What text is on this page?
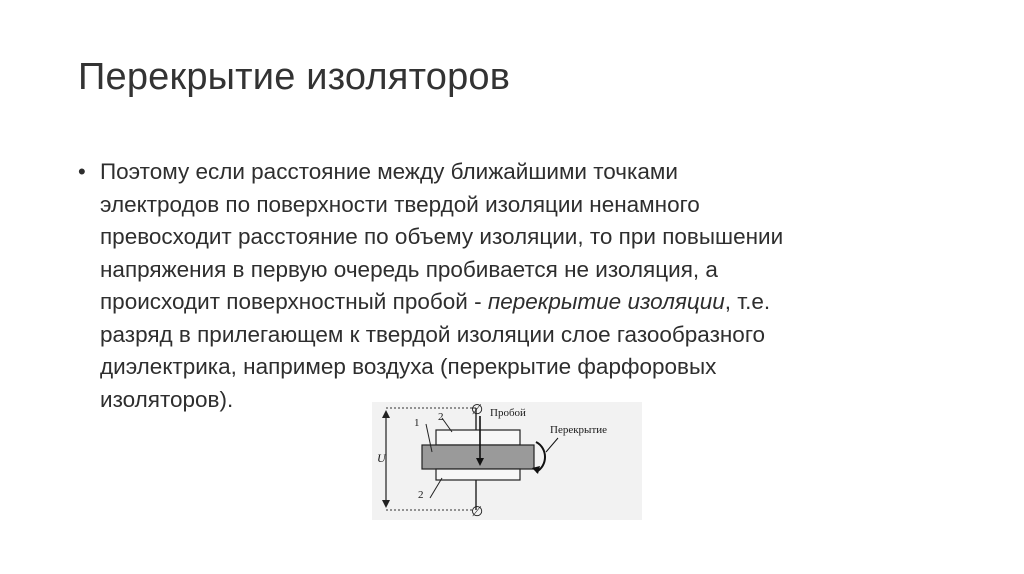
Перекрытие изоляторов
• Поэтому если расстояние между ближайшими точками
электродов по поверхности твердой изоляции ненамного
превосходит расстояние по объему изоляции, то при повышении
напряжения в первую очередь пробивается не изоляция, а
происходит поверхностный пробой - перекрытие изоляции, т.е.
разряд в прилегающем к твердой изоляции слое газообразного
диэлектрика, например воздуха (перекрытие фарфоровых
изоляторов).	∅
∅
Пробой
Перекрытие
U
1 2
2
